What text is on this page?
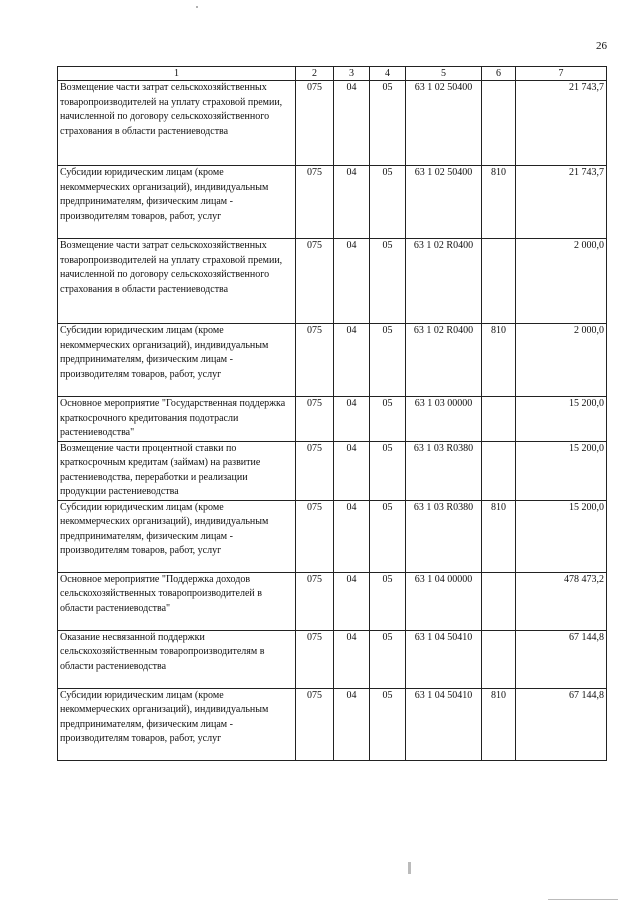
26
1	2	3	4	5	6	7
Возмещение части затрат сельскохозяйственных товаропроизводителей на уплату страховой премии, начисленной по договору сельскохозяйственного страхования в области растениеводства	075	04	05	63 1 02 50400		21 743,7
Субсидии юридическим лицам (кроме некоммерческих организаций), индивидуальным предпринимателям, физическим лицам - производителям товаров, работ, услуг	075	04	05	63 1 02 50400	810	21 743,7
Возмещение части затрат сельскохозяйственных товаропроизводителей на уплату страховой премии, начисленной по договору сельскохозяйственного страхования в области растениеводства	075	04	05	63 1 02 R0400		2 000,0
Субсидии юридическим лицам (кроме некоммерческих организаций), индивидуальным предпринимателям, физическим лицам - производителям товаров, работ, услуг	075	04	05	63 1 02 R0400	810	2 000,0
Основное мероприятие "Государственная поддержка краткосрочного кредитования подотрасли растениеводства"	075	04	05	63 1 03 00000		15 200,0
Возмещение части процентной ставки по краткосрочным кредитам (займам) на развитие растениеводства, переработки и реализации продукции растениеводства	075	04	05	63 1 03 R0380		15 200,0
Субсидии юридическим лицам (кроме некоммерческих организаций), индивидуальным предпринимателям, физическим лицам - производителям товаров, работ, услуг	075	04	05	63 1 03 R0380	810	15 200,0
Основное мероприятие "Поддержка доходов сельскохозяйственных товаропроизводителей в области растениеводства"	075	04	05	63 1 04 00000		478 473,2
Оказание несвязанной поддержки сельскохозяйственным товаропроизводителям в области растениеводства	075	04	05	63 1 04 50410		67 144,8
Субсидии юридическим лицам (кроме некоммерческих организаций), индивидуальным предпринимателям, физическим лицам - производителям товаров, работ, услуг	075	04	05	63 1 04 50410	810	67 144,8
